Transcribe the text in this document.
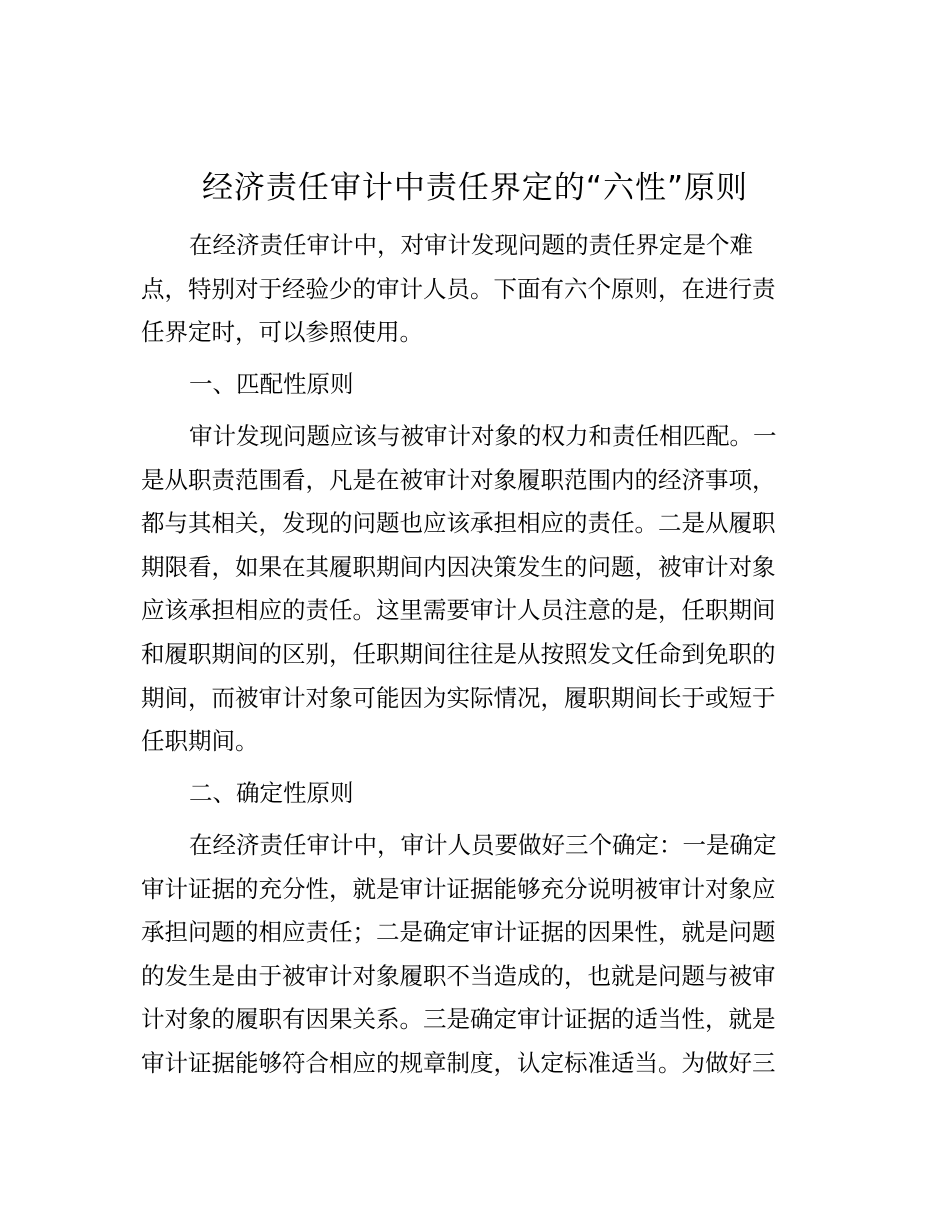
经济责任审计中责任界定的“六性”原则
在经济责任审计中，对审计发现问题的责任界定是个难
点，特别对于经验少的审计人员。下面有六个原则，在进行责
任界定时，可以参照使用。
一、匹配性原则
审计发现问题应该与被审计对象的权力和责任相匹配。一
是从职责范围看，凡是在被审计对象履职范围内的经济事项，
都与其相关，发现的问题也应该承担相应的责任。二是从履职
期限看，如果在其履职期间内因决策发生的问题，被审计对象
应该承担相应的责任。这里需要审计人员注意的是，任职期间
和履职期间的区别，任职期间往往是从按照发文任命到免职的
期间，而被审计对象可能因为实际情况，履职期间长于或短于
任职期间。
二、确定性原则
在经济责任审计中，审计人员要做好三个确定：一是确定
审计证据的充分性，就是审计证据能够充分说明被审计对象应
承担问题的相应责任；二是确定审计证据的因果性，就是问题
的发生是由于被审计对象履职不当造成的，也就是问题与被审
计对象的履职有因果关系。三是确定审计证据的适当性，就是
审计证据能够符合相应的规章制度，认定标准适当。为做好三
